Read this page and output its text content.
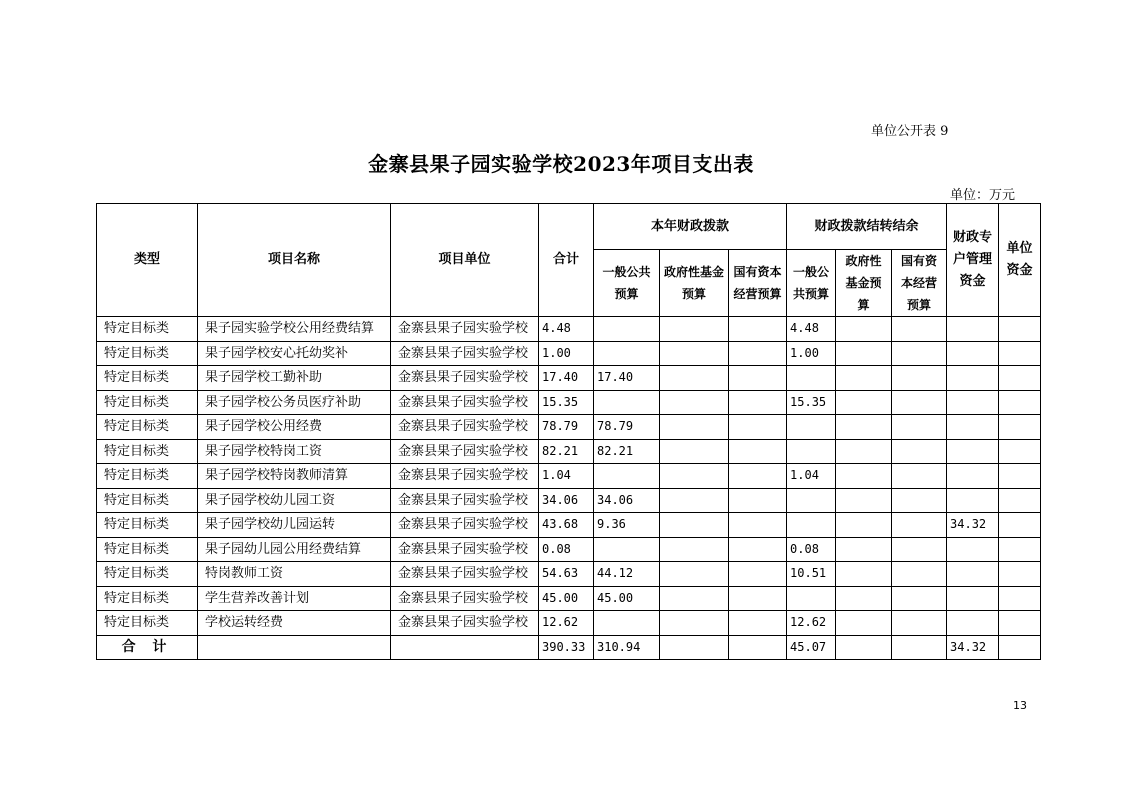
单位公开表 9
金寨县果子园实验学校2023年项目支出表
单位：万元
类型	项目名称	项目单位	合计	本年财政拨款			财政拨款结转结余			财政专户管理资金	单位资金
				一般公共预算	政府性基金预算	国有资本经营预算	一般公共预算	政府性基金预算	国有资本经营预算		
特定目标类	果子园实验学校公用经费结算	金寨县果子园实验学校	4.48				4.48				
特定目标类	果子园学校安心托幼奖补	金寨县果子园实验学校	1.00				1.00				
特定目标类	果子园学校工勤补助	金寨县果子园实验学校	17.40	17.40							
特定目标类	果子园学校公务员医疗补助	金寨县果子园实验学校	15.35				15.35				
特定目标类	果子园学校公用经费	金寨县果子园实验学校	78.79	78.79							
特定目标类	果子园学校特岗工资	金寨县果子园实验学校	82.21	82.21							
特定目标类	果子园学校特岗教师清算	金寨县果子园实验学校	1.04				1.04				
特定目标类	果子园学校幼儿园工资	金寨县果子园实验学校	34.06	34.06							
特定目标类	果子园学校幼儿园运转	金寨县果子园实验学校	43.68	9.36						34.32	
特定目标类	果子园幼儿园公用经费结算	金寨县果子园实验学校	0.08				0.08				
特定目标类	特岗教师工资	金寨县果子园实验学校	54.63	44.12			10.51				
特定目标类	学生营养改善计划	金寨县果子园实验学校	45.00	45.00							
特定目标类	学校运转经费	金寨县果子园实验学校	12.62				12.62				
合 计			390.33	310.94			45.07			34.32	
13
